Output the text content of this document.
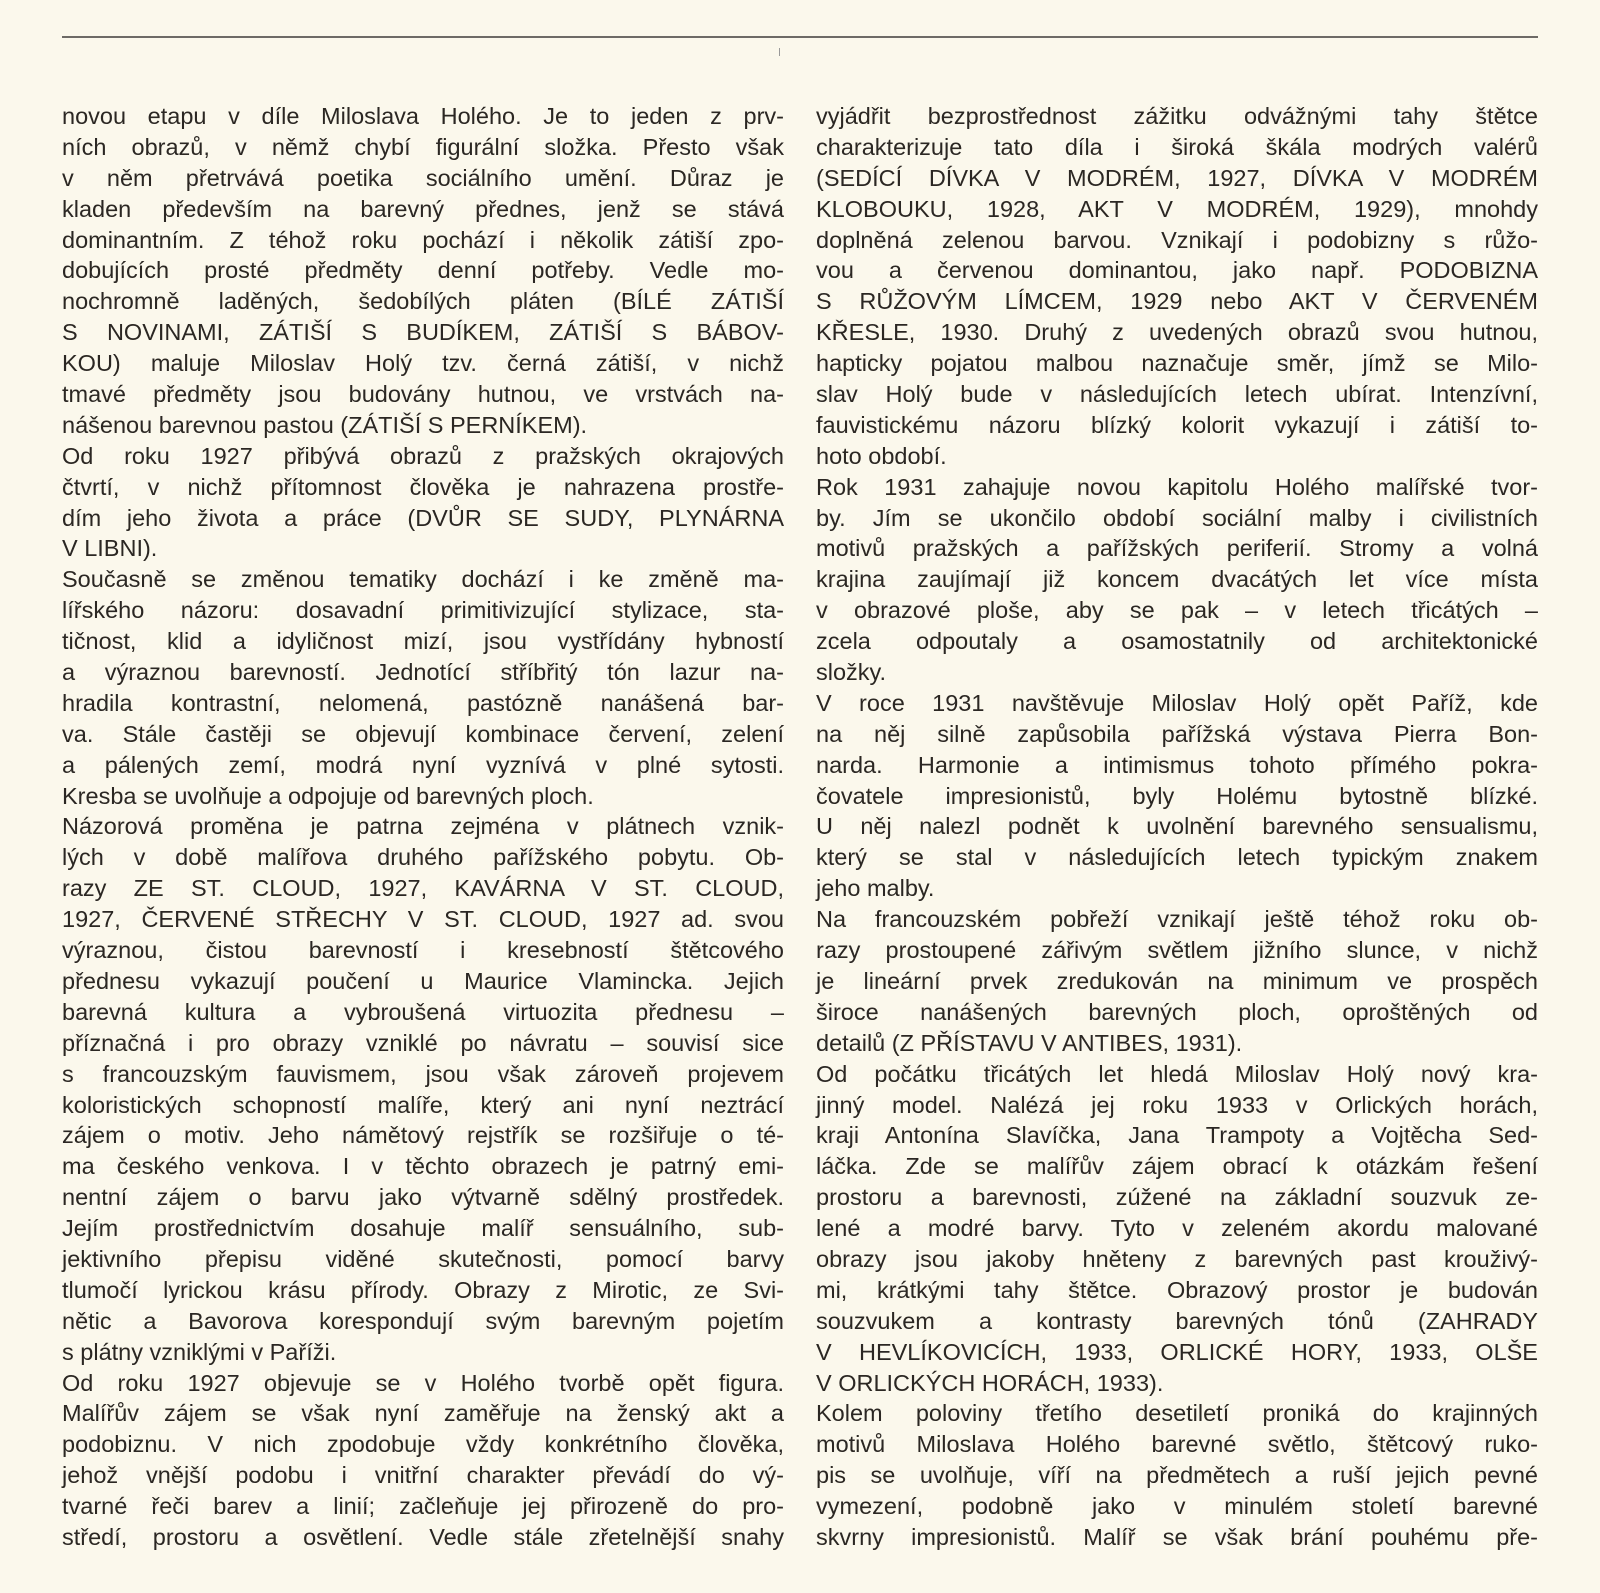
novou etapu v díle Miloslava Holého. Je to jeden z prv-
ních obrazů, v němž chybí figurální složka. Přesto však
v něm přetrvává poetika sociálního umění. Důraz je
kladen především na barevný přednes, jenž se stává
dominantním. Z téhož roku pochází i několik zátiší zpo-
dobujících prosté předměty denní potřeby. Vedle mo-
nochromně laděných, šedobílých pláten (BÍLÉ ZÁTIŠÍ
S NOVINAMI, ZÁTIŠÍ S BUDÍKEM, ZÁTIŠÍ S BÁBOV-
KOU) maluje Miloslav Holý tzv. černá zátiší, v nichž
tmavé předměty jsou budovány hutnou, ve vrstvách na-
nášenou barevnou pastou (ZÁTIŠÍ S PERNÍKEM).
Od roku 1927 přibývá obrazů z pražských okrajových
čtvrtí, v nichž přítomnost člověka je nahrazena prostře-
dím jeho života a práce (DVŮR SE SUDY, PLYNÁRNA
V LIBNI).
Současně se změnou tematiky dochází i ke změně ma-
lířského názoru: dosavadní primitivizující stylizace, sta-
tičnost, klid a idyličnost mizí, jsou vystřídány hybností
a výraznou barevností. Jednotící stříbřitý tón lazur na-
hradila kontrastní, nelomená, pastózně nanášená bar-
va. Stále častěji se objevují kombinace červení, zelení
a pálených zemí, modrá nyní vyznívá v plné sytosti.
Kresba se uvolňuje a odpojuje od barevných ploch.
Názorová proměna je patrna zejména v plátnech vznik-
lých v době malířova druhého pařížského pobytu. Ob-
razy ZE ST. CLOUD, 1927, KAVÁRNA V ST. CLOUD,
1927, ČERVENÉ STŘECHY V ST. CLOUD, 1927 ad. svou
výraznou, čistou barevností i kresebností štětcového
přednesu vykazují poučení u Maurice Vlamincka. Jejich
barevná kultura a vybroušená virtuozita přednesu –
příznačná i pro obrazy vzniklé po návratu – souvisí sice
s francouzským fauvismem, jsou však zároveň projevem
koloristických schopností malíře, který ani nyní neztrácí
zájem o motiv. Jeho námětový rejstřík se rozšiřuje o té-
ma českého venkova. I v těchto obrazech je patrný emi-
nentní zájem o barvu jako výtvarně sdělný prostředek.
Jejím prostřednictvím dosahuje malíř sensuálního, sub-
jektivního přepisu viděné skutečnosti, pomocí barvy
tlumočí lyrickou krásu přírody. Obrazy z Mirotic, ze Svi-
nětic a Bavorova korespondují svým barevným pojetím
s plátny vzniklými v Paříži.
Od roku 1927 objevuje se v Holého tvorbě opět figura.
Malířův zájem se však nyní zaměřuje na ženský akt a
podobiznu. V nich zpodobuje vždy konkrétního člověka,
jehož vnější podobu i vnitřní charakter převádí do vý-
tvarné řeči barev a linií; začleňuje jej přirozeně do pro-
středí, prostoru a osvětlení. Vedle stále zřetelnější snahy
vyjádřit bezprostřednost zážitku odvážnými tahy štětce
charakterizuje tato díla i široká škála modrých valérů
(SEDÍCÍ DÍVKA V MODRÉM, 1927, DÍVKA V MODRÉM
KLOBOUKU, 1928, AKT V MODRÉM, 1929), mnohdy
doplněná zelenou barvou. Vznikají i podobizny s růžo-
vou a červenou dominantou, jako např. PODOBIZNA
S RŮŽOVÝM LÍMCEM, 1929 nebo AKT V ČERVENÉM
KŘESLE, 1930. Druhý z uvedených obrazů svou hutnou,
hapticky pojatou malbou naznačuje směr, jímž se Milo-
slav Holý bude v následujících letech ubírat. Intenzívní,
fauvistickému názoru blízký kolorit vykazují i zátiší to-
hoto období.
Rok 1931 zahajuje novou kapitolu Holého malířské tvor-
by. Jím se ukončilo období sociální malby i civilistních
motivů pražských a pařížských periferií. Stromy a volná
krajina zaujímají již koncem dvacátých let více místa
v obrazové ploše, aby se pak – v letech třicátých –
zcela odpoutaly a osamostatnily od architektonické
složky.
V roce 1931 navštěvuje Miloslav Holý opět Paříž, kde
na něj silně zapůsobila pařížská výstava Pierra Bon-
narda. Harmonie a intimismus tohoto přímého pokra-
čovatele impresionistů, byly Holému bytostně blízké.
U něj nalezl podnět k uvolnění barevného sensualismu,
který se stal v následujících letech typickým znakem
jeho malby.
Na francouzském pobřeží vznikají ještě téhož roku ob-
razy prostoupené zářivým světlem jižního slunce, v nichž
je lineární prvek zredukován na minimum ve prospěch
široce nanášených barevných ploch, oproštěných od
detailů (Z PŘÍSTAVU V ANTIBES, 1931).
Od počátku třicátých let hledá Miloslav Holý nový kra-
jinný model. Nalézá jej roku 1933 v Orlických horách,
kraji Antonína Slavíčka, Jana Trampoty a Vojtěcha Sed-
láčka. Zde se malířův zájem obrací k otázkám řešení
prostoru a barevnosti, zúžené na základní souzvuk ze-
lené a modré barvy. Tyto v zeleném akordu malované
obrazy jsou jakoby hněteny z barevných past krouživý-
mi, krátkými tahy štětce. Obrazový prostor je budován
souzvukem a kontrasty barevných tónů (ZAHRADY
V HEVLÍKOVICÍCH, 1933, ORLICKÉ HORY, 1933, OLŠE
V ORLICKÝCH HORÁCH, 1933).
Kolem poloviny třetího desetiletí proniká do krajinných
motivů Miloslava Holého barevné světlo, štětcový ruko-
pis se uvolňuje, víří na předmětech a ruší jejich pevné
vymezení, podobně jako v minulém století barevné
skvrny impresionistů. Malíř se však brání pouhému pře-
